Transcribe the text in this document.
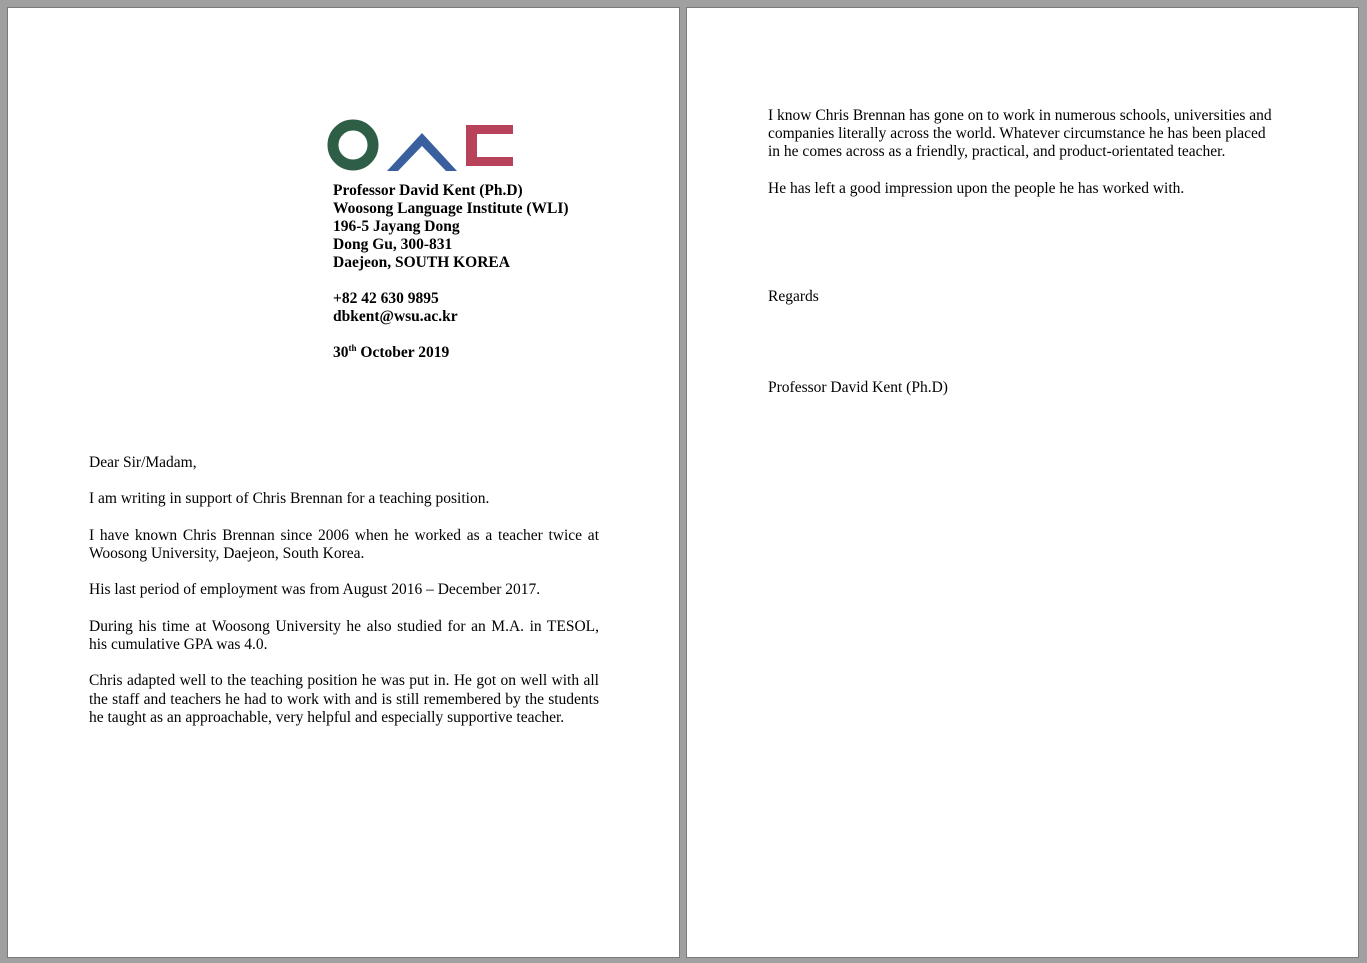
Professor David Kent (Ph.D)
Woosong Language Institute (WLI)
196-5 Jayang Dong
Dong Gu, 300-831
Daejeon, SOUTH KOREA
+82 42 630 9895
dbkent@wsu.ac.kr
30th October 2019

Dear Sir/Madam,

I am writing in support of Chris Brennan for a teaching position.

I have known Chris Brennan since 2006 when he worked as a teacher twice at Woosong University, Daejeon, South Korea.

His last period of employment was from August 2016 – December 2017.

During his time at Woosong University he also studied for an M.A. in TESOL, his cumulative GPA was 4.0.

Chris adapted well to the teaching position he was put in. He got on well with all the staff and teachers he had to work with and is still remembered by the students he taught as an approachable, very helpful and especially supportive teacher.

I know Chris Brennan has gone on to work in numerous schools, universities and companies literally across the world. Whatever circumstance he has been placed in he comes across as a friendly, practical, and product-orientated teacher.

He has left a good impression upon the people he has worked with.

Regards

Professor David Kent (Ph.D)
